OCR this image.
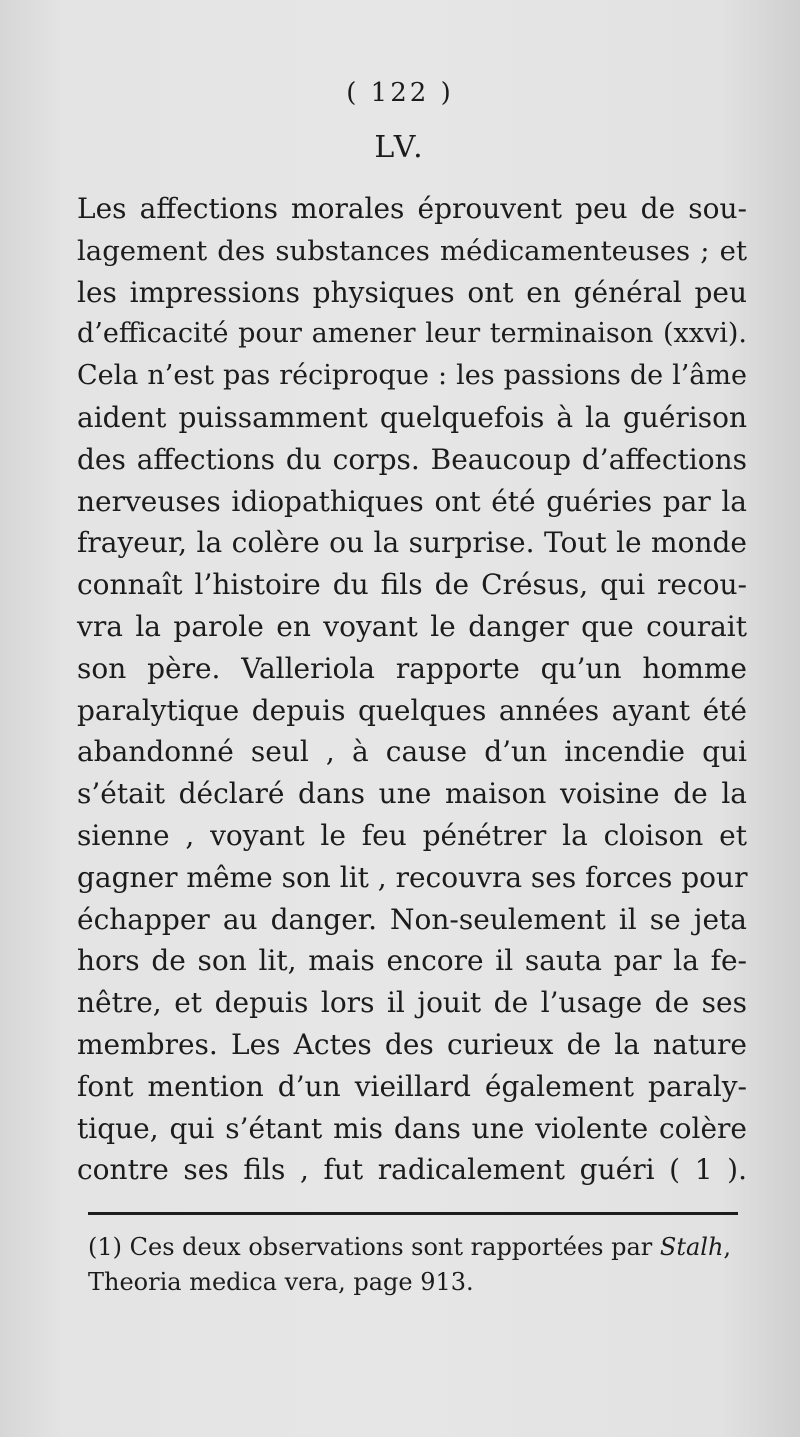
( 122 )
LV.
Les affections morales éprouvent peu de sou-
lagement des substances médicamenteuses ; et
les impressions physiques ont en général peu
d’efficacité pour amener leur terminaison (xxvi).
Cela n’est pas réciproque : les passions de l’âme
aident puissamment quelquefois à la guérison
des affections du corps. Beaucoup d’affections
nerveuses idiopathiques ont été guéries par la
frayeur, la colère ou la surprise. Tout le monde
connaît l’histoire du fils de Crésus, qui recou-
vra la parole en voyant le danger que courait
son père. Valleriola rapporte qu’un homme
paralytique depuis quelques années ayant été
abandonné seul , à cause d’un incendie qui
s’était déclaré dans une maison voisine de la
sienne , voyant le feu pénétrer la cloison et
gagner même son lit , recouvra ses forces pour
échapper au danger. Non-seulement il se jeta
hors de son lit, mais encore il sauta par la fe-
nêtre, et depuis lors il jouit de l’usage de ses
membres. Les Actes des curieux de la nature
font mention d’un vieillard également paraly-
tique, qui s’étant mis dans une violente colère
contre ses fils , fut radicalement guéri ( 1 ).
(1) Ces deux observations sont rapportées par Stalh,
Theoria medica vera, page 913.
